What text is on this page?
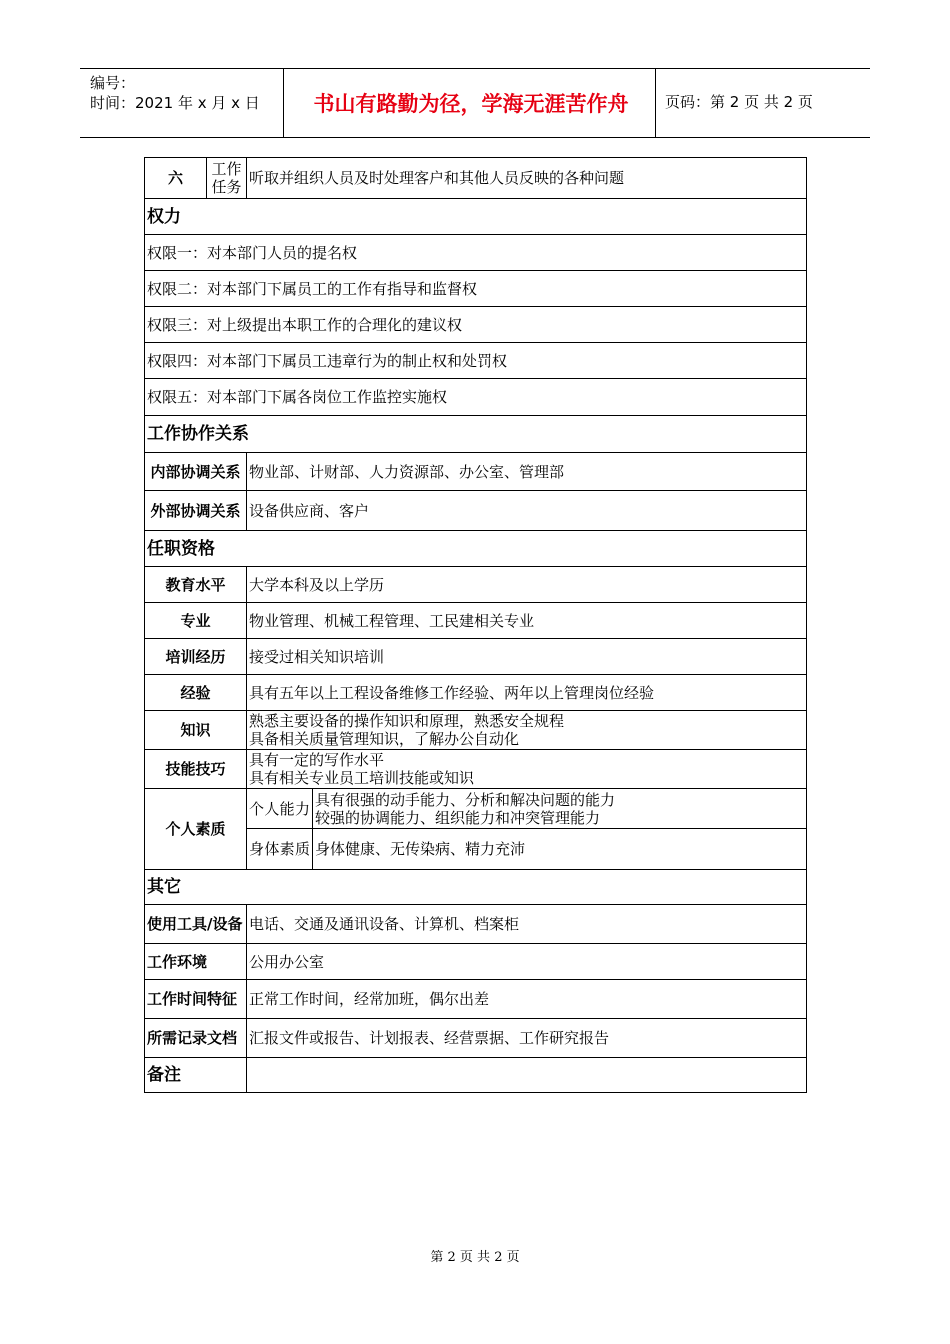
编号：
时间：2021 年 x 月 x 日	书山有路勤为径，学海无涯苦作舟	页码：第 2 页 共 2 页
六	工作任务	听取并组织人员及时处理客户和其他人员反映的各种问题	
权力			
权限一：对本部门人员的提名权			
权限二：对本部门下属员工的工作有指导和监督权			
权限三：对上级提出本职工作的合理化的建议权			
权限四：对本部门下属员工违章行为的制止权和处罚权			
权限五：对本部门下属各岗位工作监控实施权			
工作协作关系			
内部协调关系		物业部、计财部、人力资源部、办公室、管理部	
外部协调关系		设备供应商、客户	
任职资格			
教育水平		大学本科及以上学历	
专业		物业管理、机械工程管理、工民建相关专业	
培训经历		接受过相关知识培训	
经验		具有五年以上工程设备维修工作经验、两年以上管理岗位经验	
知识		熟悉主要设备的操作知识和原理，熟悉安全规程
具备相关质量管理知识，了解办公自动化	
技能技巧		具有一定的写作水平
具有相关专业员工培训技能或知识	
个人素质		个人能力	具有很强的动手能力、分析和解决问题的能力
较强的协调能力、组织能力和冲突管理能力

		身体素质	身体健康、无传染病、精力充沛
其它			
使用工具/设备		电话、交通及通讯设备、计算机、档案柜	
工作环境		公用办公室	
工作时间特征		正常工作时间，经常加班，偶尔出差	
所需记录文档		汇报文件或报告、计划报表、经营票据、工作研究报告	
备注			
第 2 页 共 2 页
